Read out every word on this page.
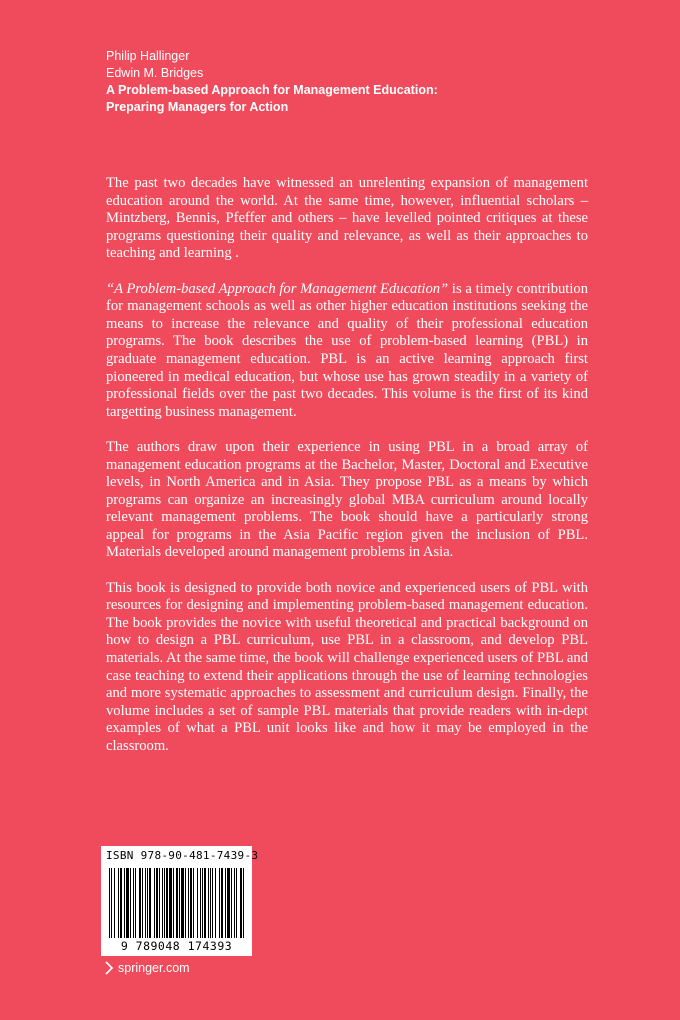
Philip Hallinger
Edwin M. Bridges
A Problem-based Approach for Management Education:
Preparing Managers for Action

The past two decades have witnessed an unrelenting expansion of management education around the world. At the same time, however, influential scholars – Mintzberg, Bennis, Pfeffer and others – have levelled pointed critiques at these programs questioning their quality and relevance, as well as their approaches to teaching and learning .

“A Problem-based Approach for Management Education” is a timely contribution for management schools as well as other higher education institutions seeking the means to increase the relevance and quality of their professional education programs. The book describes the use of problem-based learning (PBL) in graduate management education. PBL is an active learning approach first pioneered in medical education, but whose use has grown steadily in a variety of professional fields over the past two decades. This volume is the first of its kind targetting business management.

The authors draw upon their experience in using PBL in a broad array of management education programs at the Bachelor, Master, Doctoral and Executive levels, in North America and in Asia. They propose PBL as a means by which programs can organize an increasingly global MBA curriculum around locally relevant management problems. The book should have a particularly strong appeal for programs in the Asia Pacific region given the inclusion of PBL. Materials developed around management problems in Asia.

This book is designed to provide both novice and experienced users of PBL with resources for designing and implementing problem-based management education. The book provides the novice with useful theoretical and practical background on how to design a PBL curriculum, use PBL in a classroom, and develop PBL materials. At the same time, the book will challenge experienced users of PBL and case teaching to extend their applications through the use of learning technologies and more systematic approaches to assessment and curriculum design. Finally, the volume includes a set of sample PBL materials that provide readers with in-dept examples of what a PBL unit looks like and how it may be employed in the classroom.

ISBN 978-90-481-7439-3
9 789048 174393
springer.com
